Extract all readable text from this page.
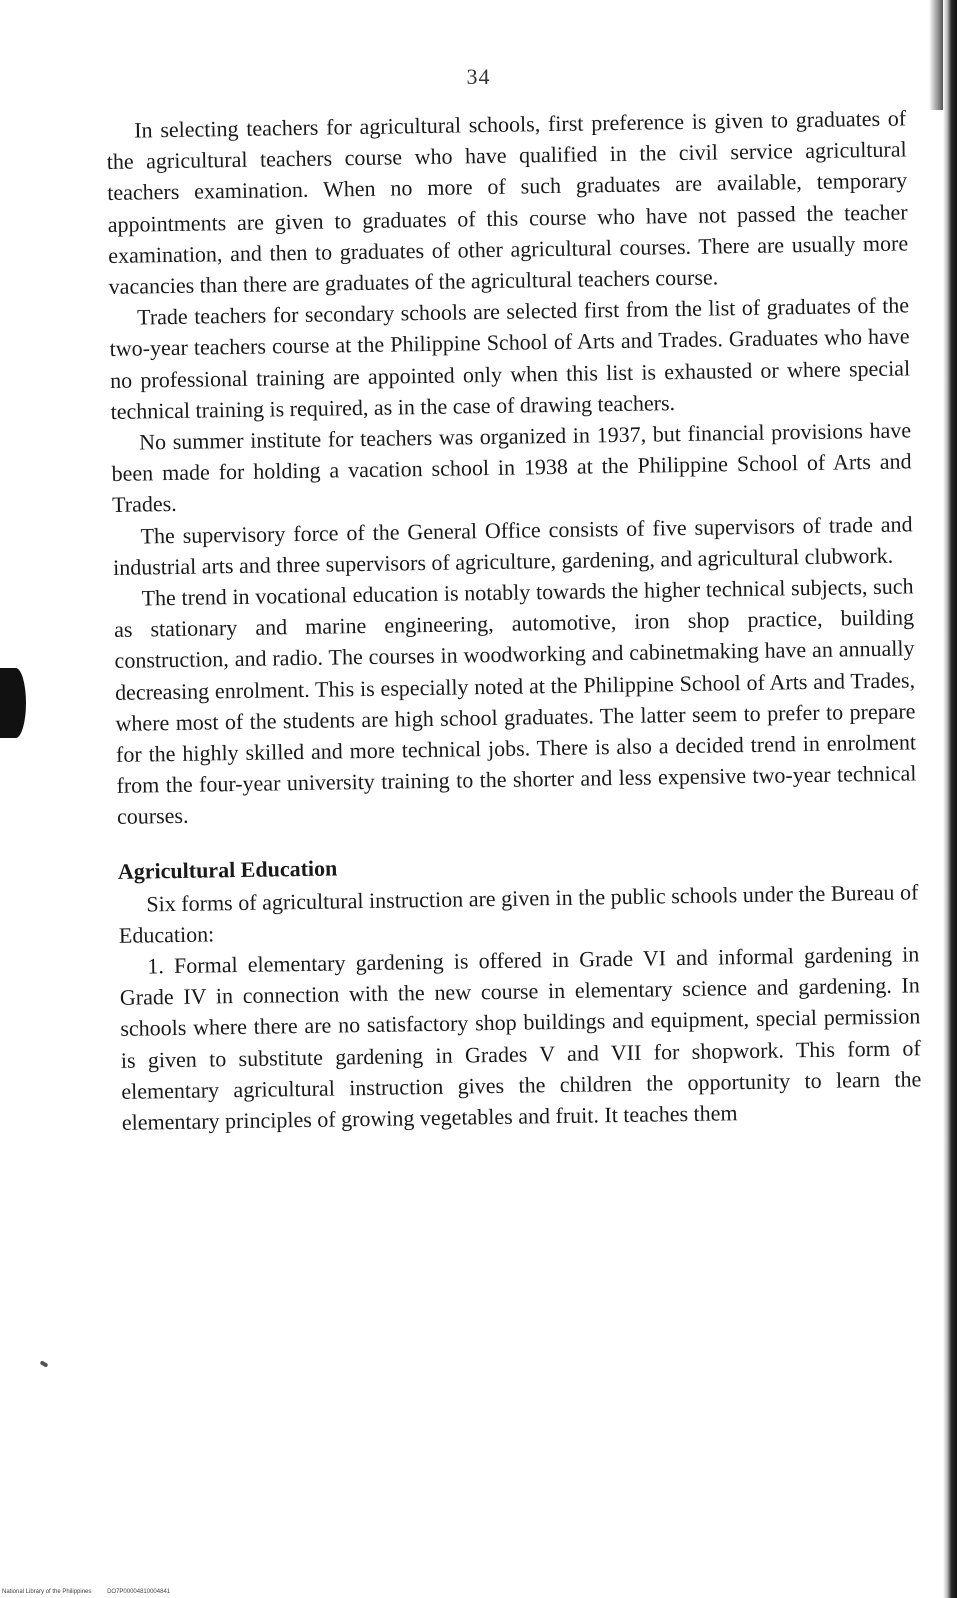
34

In selecting teachers for agricultural schools, first preference is given to graduates of the agricultural teachers course who have qualified in the civil service agricultural teachers examination. When no more of such graduates are available, temporary appointments are given to graduates of this course who have not passed the teacher examination, and then to graduates of other agricultural courses. There are usually more vacancies than there are graduates of the agricultural teachers course.

Trade teachers for secondary schools are selected first from the list of graduates of the two-year teachers course at the Philippine School of Arts and Trades. Graduates who have no professional training are appointed only when this list is exhausted or where special technical training is required, as in the case of drawing teachers.

No summer institute for teachers was organized in 1937, but financial provisions have been made for holding a vacation school in 1938 at the Philippine School of Arts and Trades.

The supervisory force of the General Office consists of five supervisors of trade and industrial arts and three supervisors of agriculture, gardening, and agricultural clubwork.

The trend in vocational education is notably towards the higher technical subjects, such as stationary and marine engineering, automotive, iron shop practice, building construction, and radio. The courses in woodworking and cabinetmaking have an annually decreasing enrolment. This is especially noted at the Philippine School of Arts and Trades, where most of the students are high school graduates. The latter seem to prefer to prepare for the highly skilled and more technical jobs. There is also a decided trend in enrolment from the four-year university training to the shorter and less expensive two-year technical courses.

Agricultural Education

Six forms of agricultural instruction are given in the public schools under the Bureau of Education:

1. Formal elementary gardening is offered in Grade VI and informal gardening in Grade IV in connection with the new course in elementary science and gardening. In schools where there are no satisfactory shop buildings and equipment, special permission is given to substitute gardening in Grades V and VII for shopwork. This form of elementary agricultural instruction gives the children the opportunity to learn the elementary principles of growing vegetables and fruit. It teaches them

National Library of the Philippines	DO7P00004810004841
